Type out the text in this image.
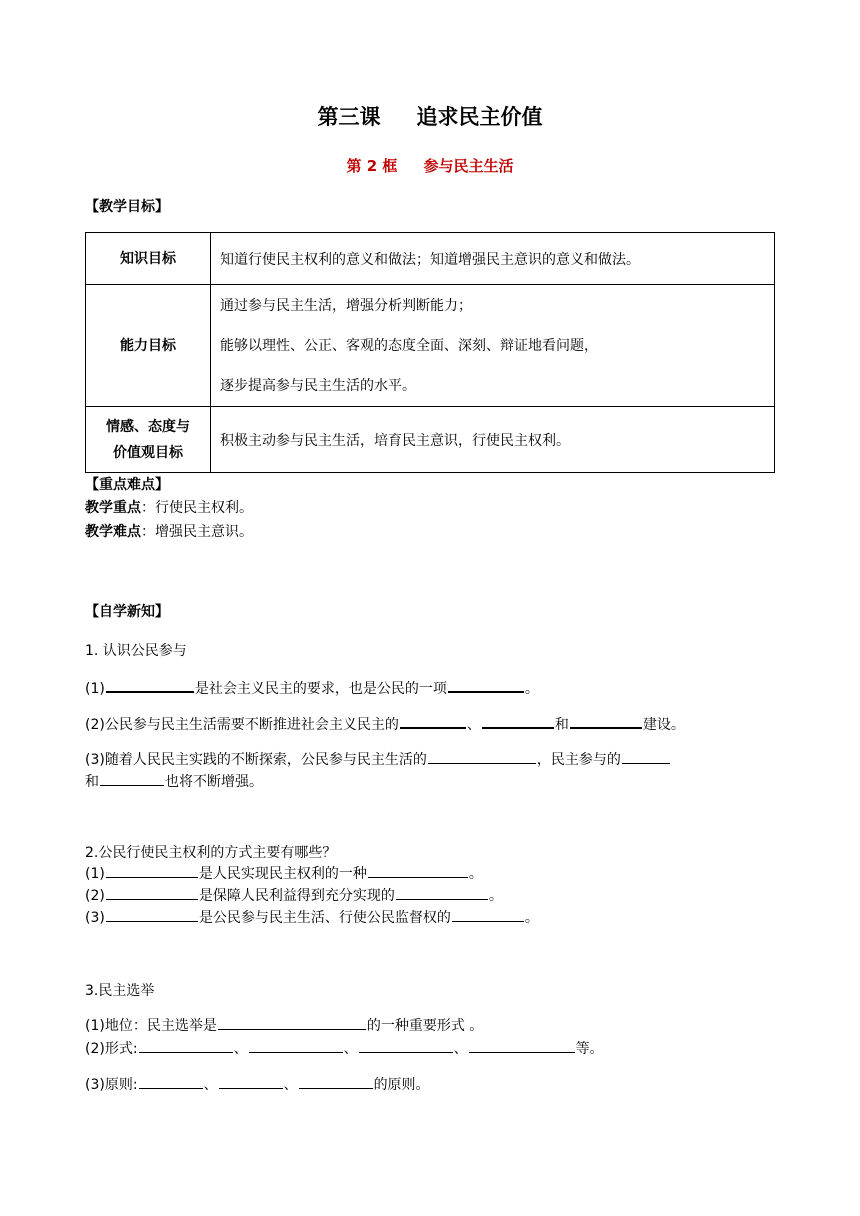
第三课 追求民主价值
第 2 框 参与民主生活
【教学目标】
知识目标	知道行使民主权利的意义和做法；知道增强民主意识的意义和做法。
能力目标	通过参与民主生活，增强分析判断能力；
能够以理性、公正、客观的态度全面、深刻、辩证地看问题，
逐步提高参与民主生活的水平。

情感、态度与
价值观目标	积极主动参与民主生活，培育民主意识，行使民主权利。
【重点难点】
教学重点：行使民主权利。
教学难点：增强民主意识。
【自学新知】
1. 认识公民参与
(1)	是社会主义民主的要求，也是公民的一项	。
(2)公民参与民主生活需要不断推进社会主义民主的	、	和	建设。
(3)随着人民民主实践的不断探索，公民参与民主生活的	，民主参与的
和	也将不断增强。
2.公民行使民主权利的方式主要有哪些？
(1)	是人民实现民主权利的一种	。
(2)	是保障人民利益得到充分实现的	。
(3)	是公民参与民主生活、行使公民监督权的	。
3.民主选举
(1)地位：民主选举是	的一种重要形式 。
(2)形式:	、	、	、	等。
(3)原则:	、	、	的原则。
